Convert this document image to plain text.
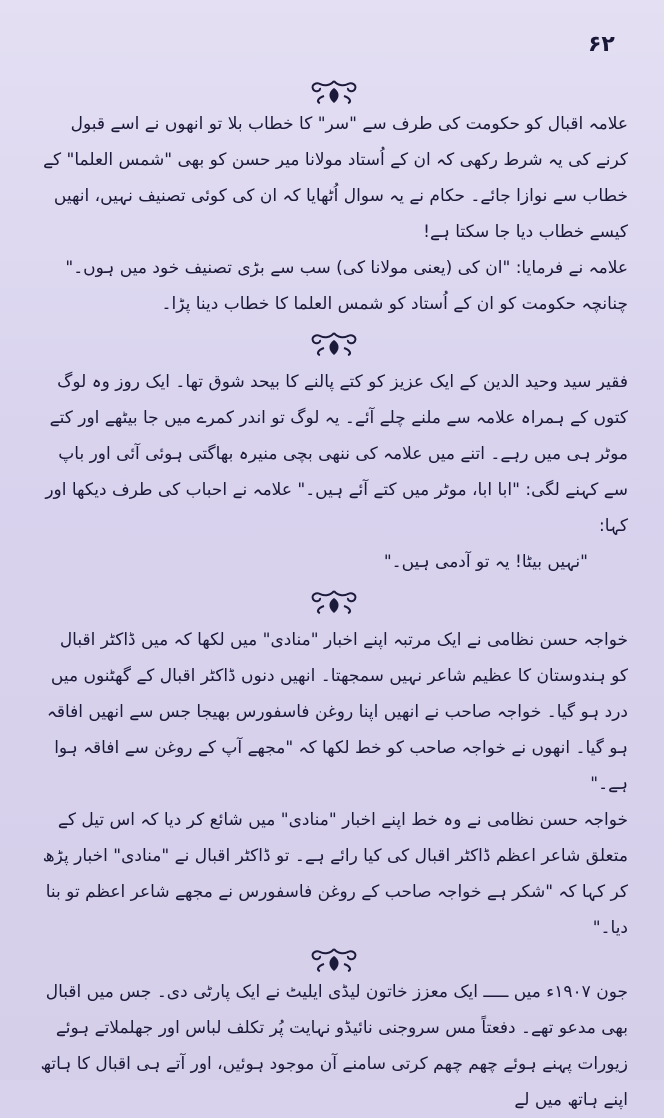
۶۲

علامہ اقبال کو حکومت کی طرف سے "سر" کا خطاب بلا تو انھوں نے اسے قبول کرنے کی یہ شرط رکھی کہ ان کے اُستاد مولانا میر حسن کو بھی "شمس العلما" کے خطاب سے نوازا جائے۔ حکام نے یہ سوال اُٹھایا کہ ان کی کوئی تصنیف نہیں، انھیں کیسے خطاب دیا جا سکتا ہے!

علامہ نے فرمایا: "ان کی (یعنی مولانا کی) سب سے بڑی تصنیف خود میں ہوں۔"

چنانچہ حکومت کو ان کے اُستاد کو شمس العلما کا خطاب دینا پڑا۔

فقیر سید وحید الدین کے ایک عزیز کو کتے پالنے کا بیحد شوق تھا۔ ایک روز وہ لوگ کتوں کے ہمراہ علامہ سے ملنے چلے آئے۔ یہ لوگ تو اندر کمرے میں جا بیٹھے اور کتے موٹر ہی میں رہے۔ اتنے میں علامہ کی ننھی بچی منیرہ بھاگتی ہوئی آئی اور باپ سے کہنے لگی: "ابا ابا، موٹر میں کتے آئے ہیں۔" علامہ نے احباب کی طرف دیکھا اور کہا:

"نہیں بیٹا! یہ تو آدمی ہیں۔"

خواجہ حسن نظامی نے ایک مرتبہ اپنے اخبار "منادی" میں لکھا کہ میں ڈاکٹر اقبال کو ہندوستان کا عظیم شاعر نہیں سمجھتا۔ انھیں دنوں ڈاکٹر اقبال کے گھٹنوں میں درد ہو گیا۔ خواجہ صاحب نے انھیں اپنا روغن فاسفورس بھیجا جس سے انھیں افاقہ ہو گیا۔ انھوں نے خواجہ صاحب کو خط لکھا کہ "مجھے آپ کے روغن سے افاقہ ہوا ہے۔"

خواجہ حسن نظامی نے وہ خط اپنے اخبار "منادی" میں شائع کر دیا کہ اس تیل کے متعلق شاعر اعظم ڈاکٹر اقبال کی کیا رائے ہے۔ تو ڈاکٹر اقبال نے "منادی" اخبار پڑھ کر کہا کہ "شکر ہے خواجہ صاحب کے روغن فاسفورس نے مجھے شاعر اعظم تو بنا دیا۔"

جون ۱۹۰۷ء میں ـــــ ایک معزز خاتون لیڈی ایلیٹ نے ایک پارٹی دی۔ جس میں اقبال بھی مدعو تھے۔ دفعتاً مس سروجنی نائیڈو نہایت پُر تکلف لباس اور جھلملاتے ہوئے زیورات پہنے ہوئے چھم چھم کرتی سامنے آن موجود ہوئیں، اور آتے ہی اقبال کا ہاتھ اپنے ہاتھ میں لے
